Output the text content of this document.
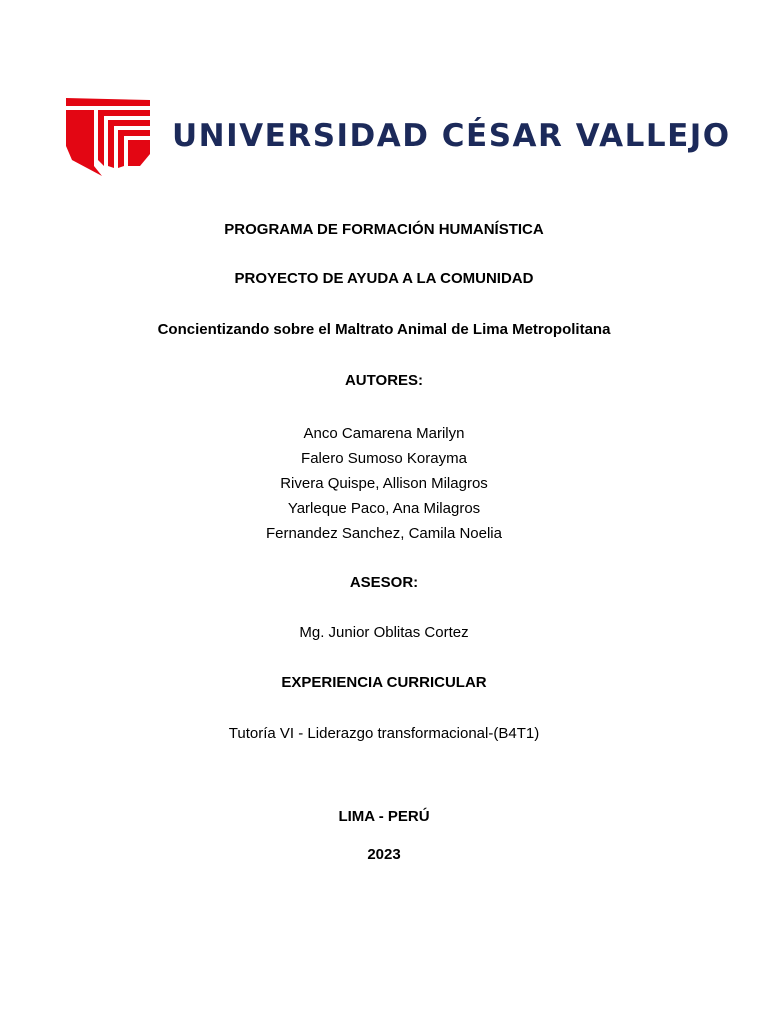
UNIVERSIDAD CÉSAR VALLEJO
PROGRAMA DE FORMACIÓN HUMANÍSTICA
PROYECTO DE AYUDA A LA COMUNIDAD
Concientizando sobre el Maltrato Animal de Lima Metropolitana
AUTORES:
Anco Camarena Marilyn
Falero Sumoso Korayma
Rivera Quispe, Allison Milagros
Yarleque Paco, Ana Milagros
Fernandez Sanchez, Camila Noelia
ASESOR:
Mg. Junior Oblitas Cortez
EXPERIENCIA CURRICULAR
Tutoría VI - Liderazgo transformacional-(B4T1)
LIMA - PERÚ
2023
